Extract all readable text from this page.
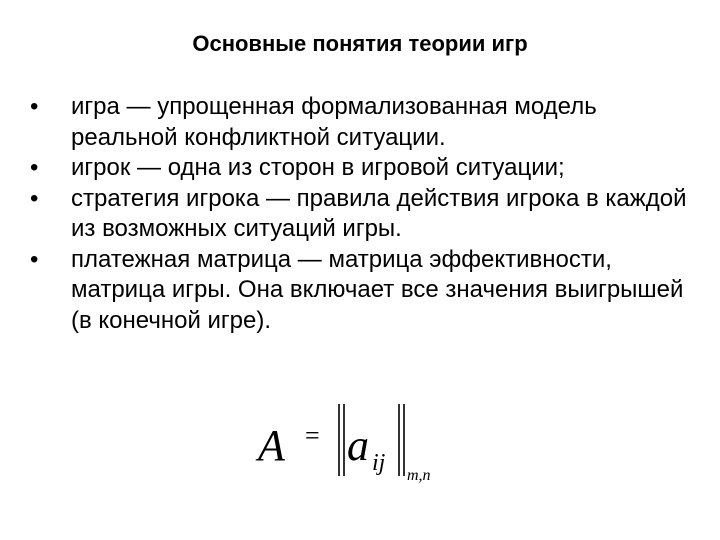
Основные понятия теории игр
• игра — упрощенная формализованная модель реальной конфликтной ситуации.
• игрок — одна из сторон в игровой ситуации;
• стратегия игрока — правила действия игрока в каждой из возможных ситуаций игры.
• платежная матрица — матрица эффективности, матрица игры. Она включает все значения выигрышей (в конечной игре).
A = a ij m,n
